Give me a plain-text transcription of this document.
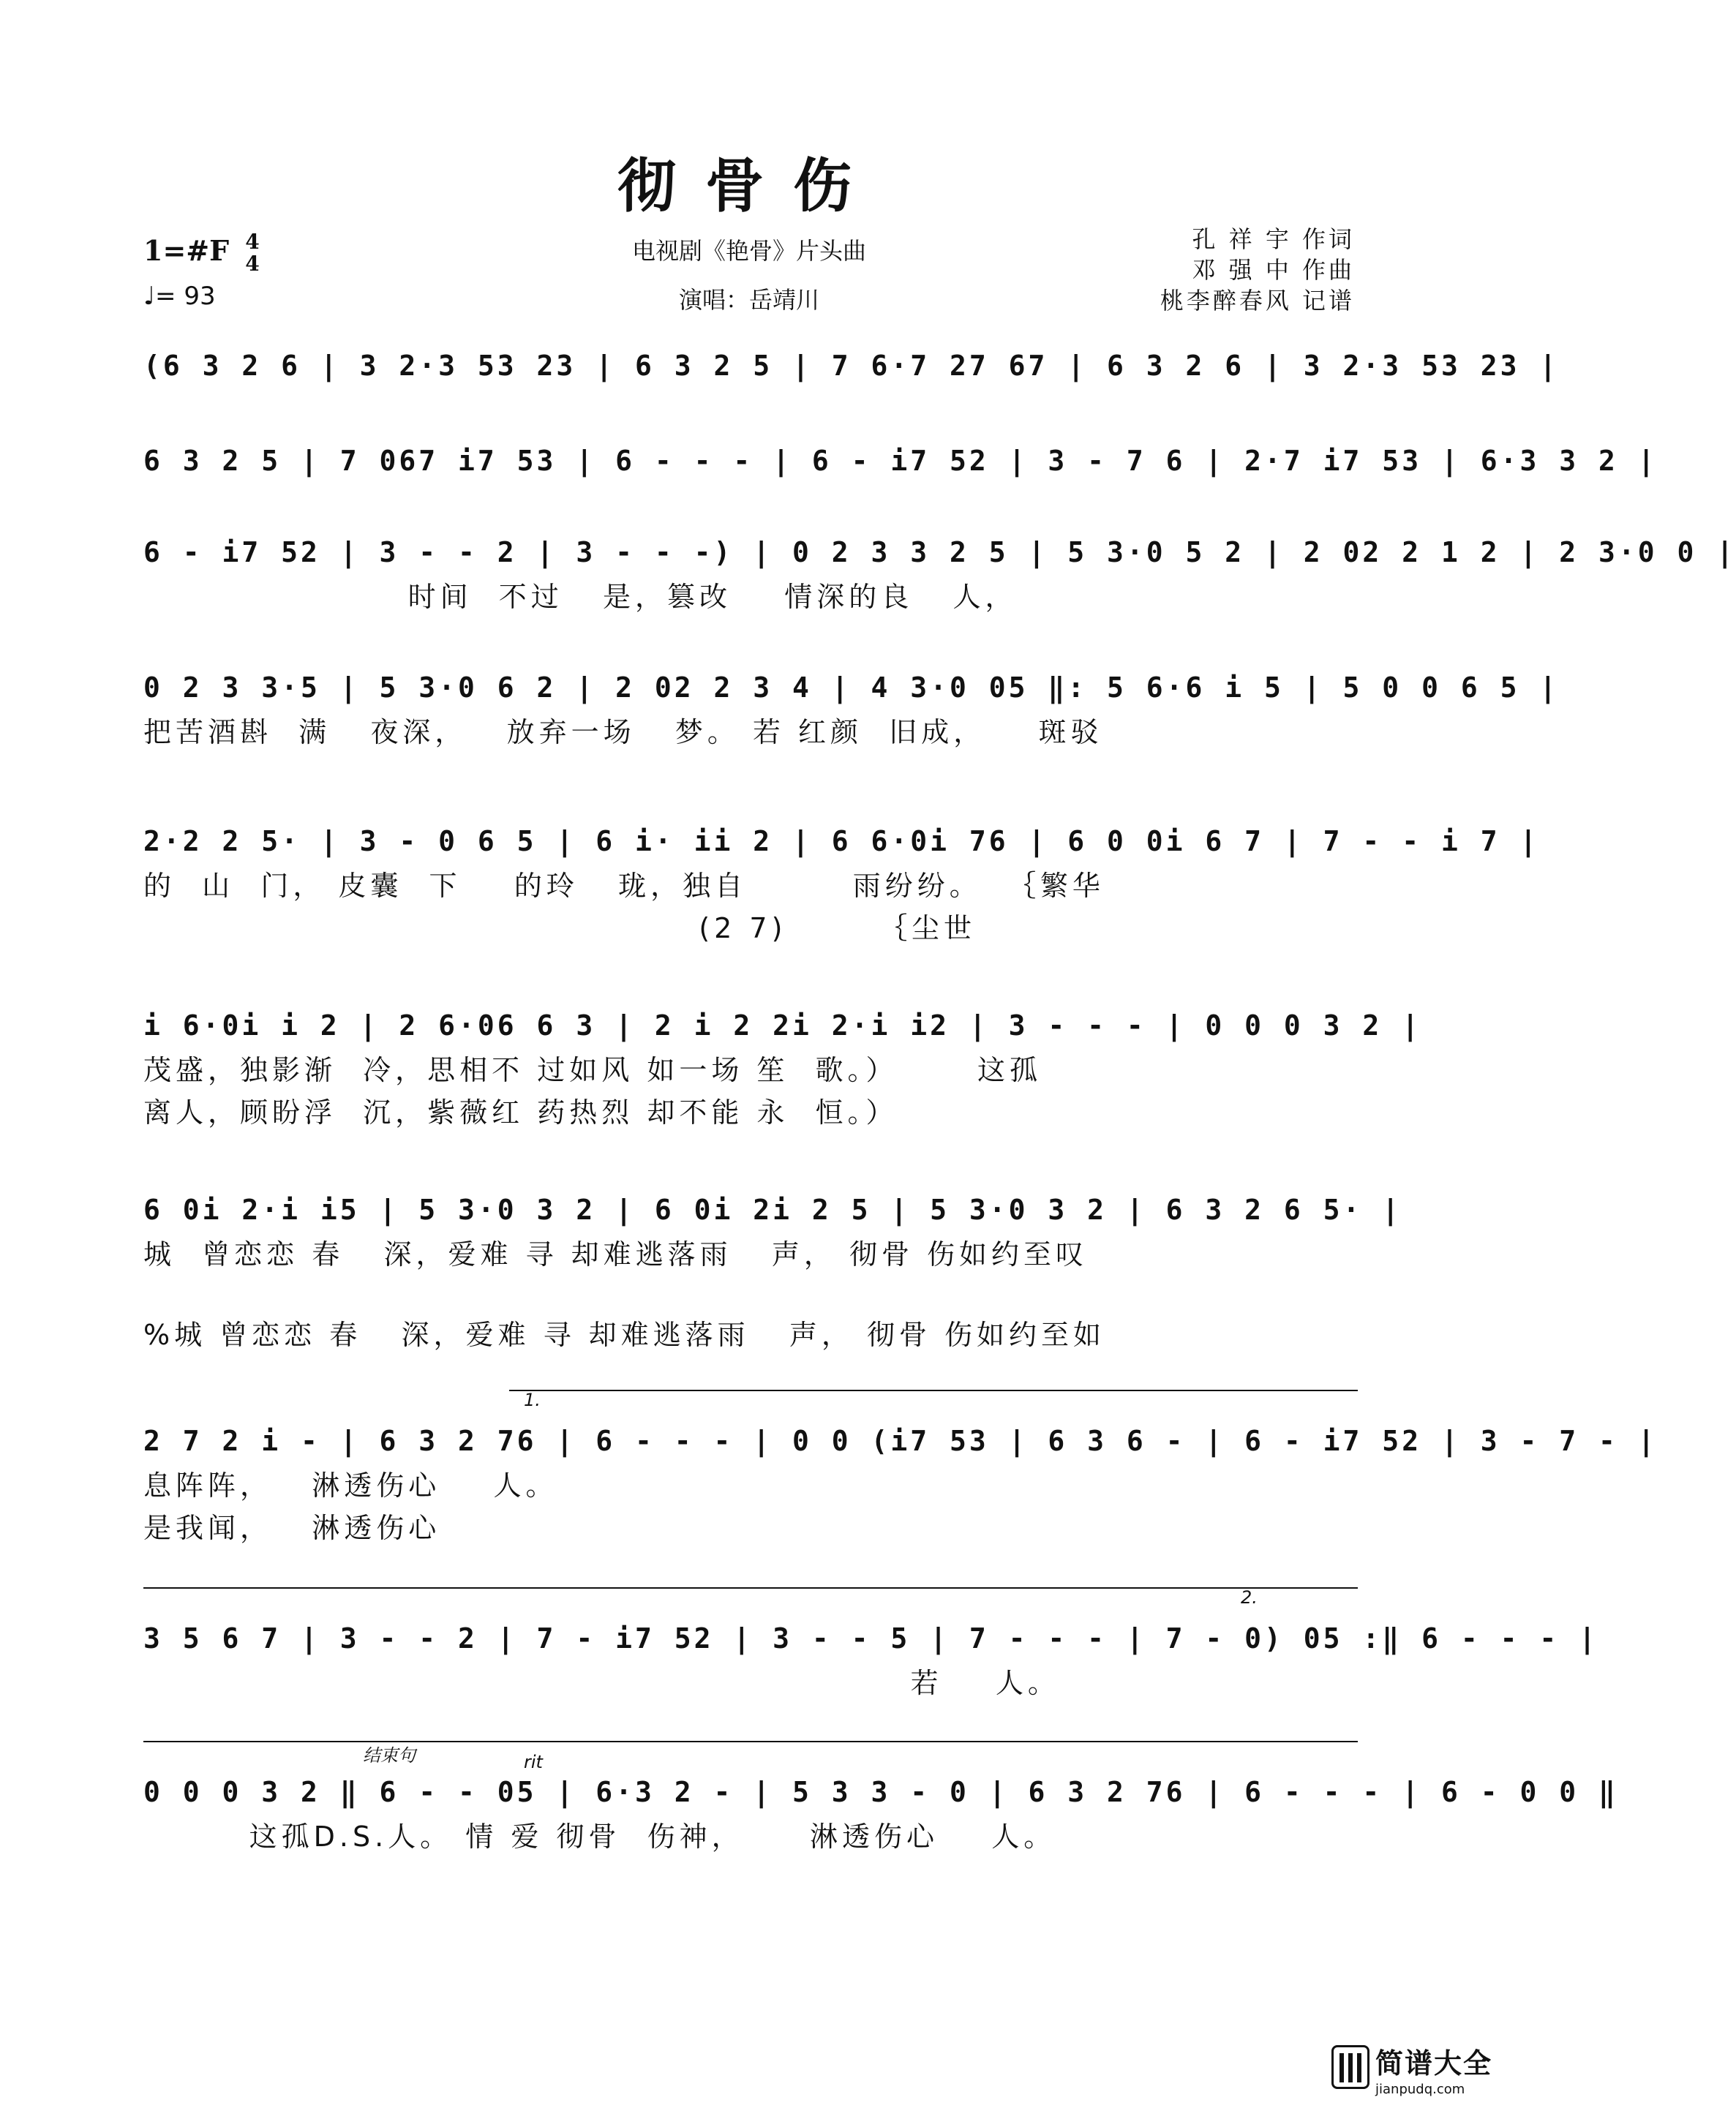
彻骨伤
电视剧《艳骨》片头曲
演唱：岳靖川
1=#F 4
4
♩= 93
孔 祥 宇 作词
邓 强 中 作曲
桃李醉春风 记谱
(6 3 2 6 | 3 2·3 53 23 | 6 3 2 5 | 7 6·7 27 67 | 6 3 2 6 | 3 2·3 53 23 |
6 3 2 5 | 7 067 i7 53 | 6 - - - | 6 - i7 52 | 3 - 7 6 | 2·7 i7 53 | 6·3 3 2 |
6 - i7 52 | 3 - - 2 | 3 - - -) | 0 2 3 3 2 5 | 5 3·0 5 2 | 2 02 2 1 2 | 2 3·0 0 |
时间  不过   是，篡改    情深的良   人，
0 2 3 3·5 | 5 3·0 6 2 | 2 02 2 3 4 | 4 3·0 05 ‖: 5 6·6 i 5 | 5 0 0 6 5 |
把苦酒斟  满   夜深，   放弃一场   梦。 若 红颜  旧成，    斑驳
2·2 2 5· | 3 - 0 6 5 | 6 i· ii 2 | 6 6·0i 76 | 6 0 0i 6 7 | 7 - - i 7 |
的  山  门， 皮囊  下    的玲   珑，独自        雨纷纷。  ｛繁华
(2 7)       ｛尘世
i 6·0i i 2 | 2 6·06 6 3 | 2 i 2 2i 2·i i2 | 3 - - - | 0 0 0 3 2 |
茂盛，独影渐  冷，思相不 过如风 如一场 笙  歌。）      这孤
离人，顾盼浮  沉，紫薇红 药热烈 却不能 永  恒。）
6 0i 2·i i5 | 5 3·0 3 2 | 6 0i 2i 2 5 | 5 3·0 3 2 | 6 3 2 6 5· |
城  曾恋恋 春   深，爱难 寻 却难逃落雨   声， 彻骨 伤如约至叹
%城 曾恋恋 春   深，爱难 寻 却难逃落雨   声， 彻骨 伤如约至如
1.
2 7 2 i - | 6 3 2 76 | 6 - - - | 0 0 (i7 53 | 6 3 6 - | 6 - i7 52 | 3 - 7 - |
息阵阵，   淋透伤心    人。
是我闻，   淋透伤心
2.
3 5 6 7 | 3 - - 2 | 7 - i7 52 | 3 - - 5 | 7 - - - | 7 - 0) 05 :‖ 6 - - - |
若    人。
结束句	rit
0 0 0 3 2 ‖ 6 - - 05 | 6·3 2 - | 5 3 3 - 0 | 6 3 2 76 | 6 - - - | 6 - 0 0 ‖
这孤D.S.人。 情 爱 彻骨  伤神，     淋透伤心    人。
简谱大全
jianpudq.com
